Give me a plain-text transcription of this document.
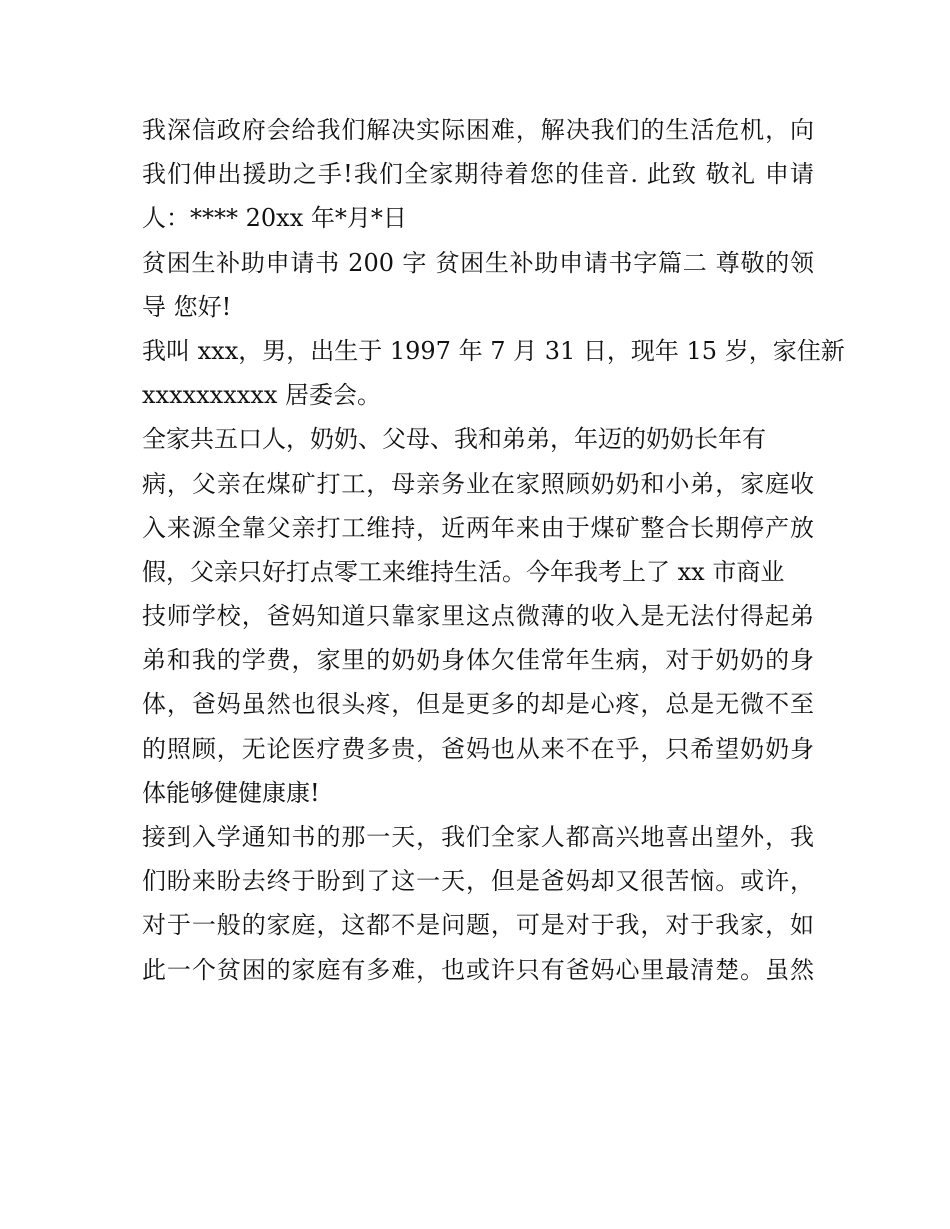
我深信政府会给我们解决实际困难，解决我们的生活危机，向
我们伸出援助之手!我们全家期待着您的佳音. 此致 敬礼 申请
人：**** 20xx 年*月*日
贫困生补助申请书 200 字 贫困生补助申请书字篇二 尊敬的领
导 您好!
我叫 xxx，男，出生于 1997 年 7 月 31 日，现年 15 岁，家住新
xxxxxxxxxx 居委会。
全家共五口人，奶奶、父母、我和弟弟，年迈的奶奶长年有
病，父亲在煤矿打工，母亲务业在家照顾奶奶和小弟，家庭收
入来源全靠父亲打工维持，近两年来由于煤矿整合长期停产放
假，父亲只好打点零工来维持生活。今年我考上了 xx 市商业
技师学校，爸妈知道只靠家里这点微薄的收入是无法付得起弟
弟和我的学费，家里的奶奶身体欠佳常年生病，对于奶奶的身
体，爸妈虽然也很头疼，但是更多的却是心疼，总是无微不至
的照顾，无论医疗费多贵，爸妈也从来不在乎，只希望奶奶身
体能够健健康康!
接到入学通知书的那一天，我们全家人都高兴地喜出望外，我
们盼来盼去终于盼到了这一天，但是爸妈却又很苦恼。或许，
对于一般的家庭，这都不是问题，可是对于我，对于我家，如
此一个贫困的家庭有多难，也或许只有爸妈心里最清楚。虽然
